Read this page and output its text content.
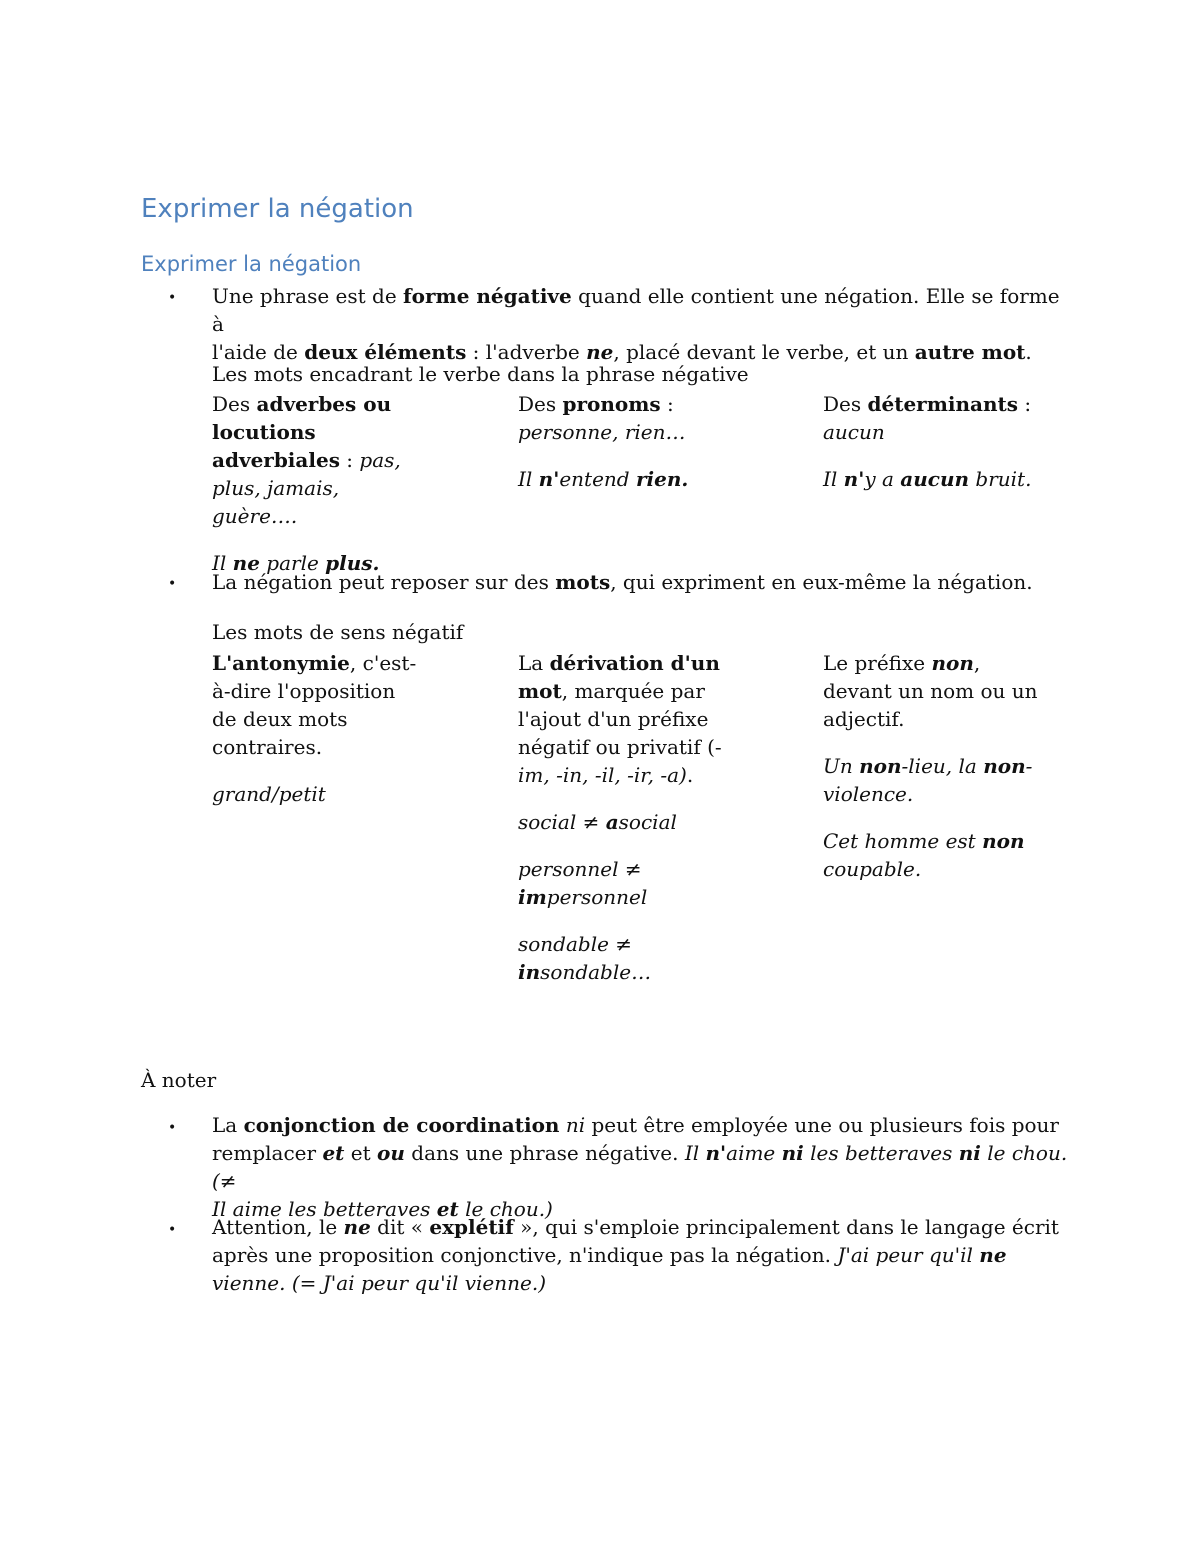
Exprimer la négation
Exprimer la négation
• Une phrase est de forme négative quand elle contient une négation. Elle se forme à

l'aide de deux éléments : l'adverbe ne, placé devant le verbe, et un autre mot.

Les mots encadrant le verbe dans la phrase négative

Des adverbes ou

locutions

adverbiales : pas,

plus, jamais, guère….

Il ne parle plus.

Des pronoms :

personne, rien…

Il n'entend rien.

Des déterminants :

aucun

Il n'y a aucun bruit.

• La négation peut reposer sur des mots, qui expriment en eux-même la négation.

Les mots de sens négatif

L'antonymie, c'est-

à-dire l'opposition

de deux mots

contraires.

grand/petit

La dérivation d'un

mot, marquée par

l'ajout d'un préfixe

négatif ou privatif (-

im, -in, -il, -ir, -a).

social ≠ asocial

personnel ≠

impersonnel

sondable ≠

insondable…

Le préfixe non,

devant un nom ou un

adjectif.

Un non-lieu, la non-

violence.

Cet homme est non

coupable.

À noter
• La conjonction de coordination ni peut être employée une ou plusieurs fois pour

remplacer et et ou dans une phrase négative. Il n'aime ni les betteraves ni le chou. (≠

Il aime les betteraves et le chou.)

• Attention, le ne dit « explétif », qui s'emploie principalement dans le langage écrit

après une proposition conjonctive, n'indique pas la négation. J'ai peur qu'il ne

vienne. (= J'ai peur qu'il vienne.)
